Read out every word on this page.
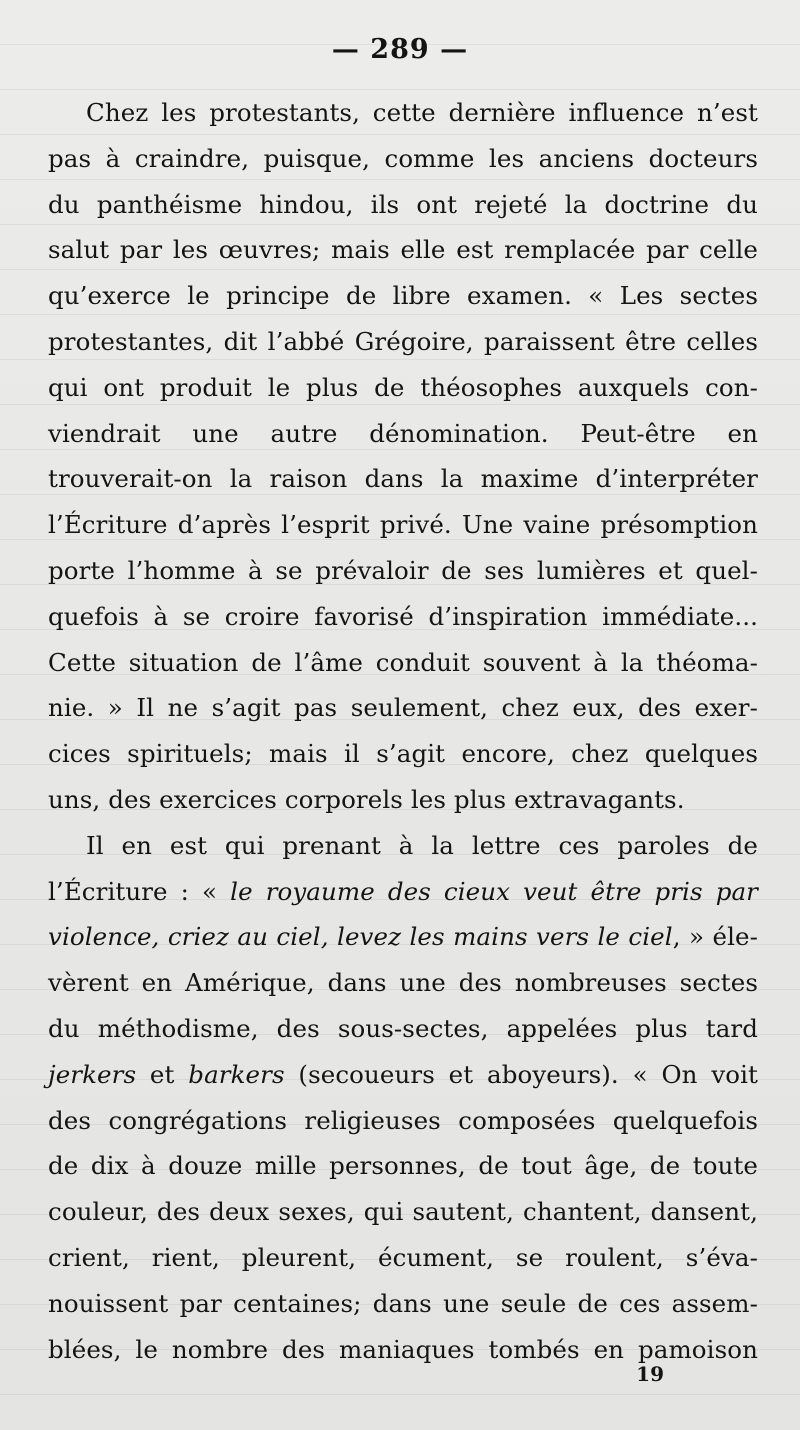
— 289 —
Chez les protestants, cette dernière influence n’est
pas à craindre, puisque, comme les anciens docteurs
du panthéisme hindou, ils ont rejeté la doctrine du
salut par les œuvres; mais elle est remplacée par celle
qu’exerce le principe de libre examen. « Les sectes
protestantes, dit l’abbé Grégoire, paraissent être celles
qui ont produit le plus de théosophes auxquels con-
viendrait une autre dénomination. Peut-être en
trouverait-on la raison dans la maxime d’interpréter
l’Écriture d’après l’esprit privé. Une vaine présomption
porte l’homme à se prévaloir de ses lumières et quel-
quefois à se croire favorisé d’inspiration immédiate...
Cette situation de l’âme conduit souvent à la théoma-
nie. » Il ne s’agit pas seulement, chez eux, des exer-
cices spirituels; mais il s’agit encore, chez quelques
uns, des exercices corporels les plus extravagants.
Il en est qui prenant à la lettre ces paroles de
l’Écriture : « le royaume des cieux veut être pris par
violence, criez au ciel, levez les mains vers le ciel, » éle-
vèrent en Amérique, dans une des nombreuses sectes
du méthodisme, des sous-sectes, appelées plus tard
jerkers et barkers (secoueurs et aboyeurs). « On voit
des congrégations religieuses composées quelquefois
de dix à douze mille personnes, de tout âge, de toute
couleur, des deux sexes, qui sautent, chantent, dansent,
crient, rient, pleurent, écument, se roulent, s’éva-
nouissent par centaines; dans une seule de ces assem-
blées, le nombre des maniaques tombés en pamoison
19
